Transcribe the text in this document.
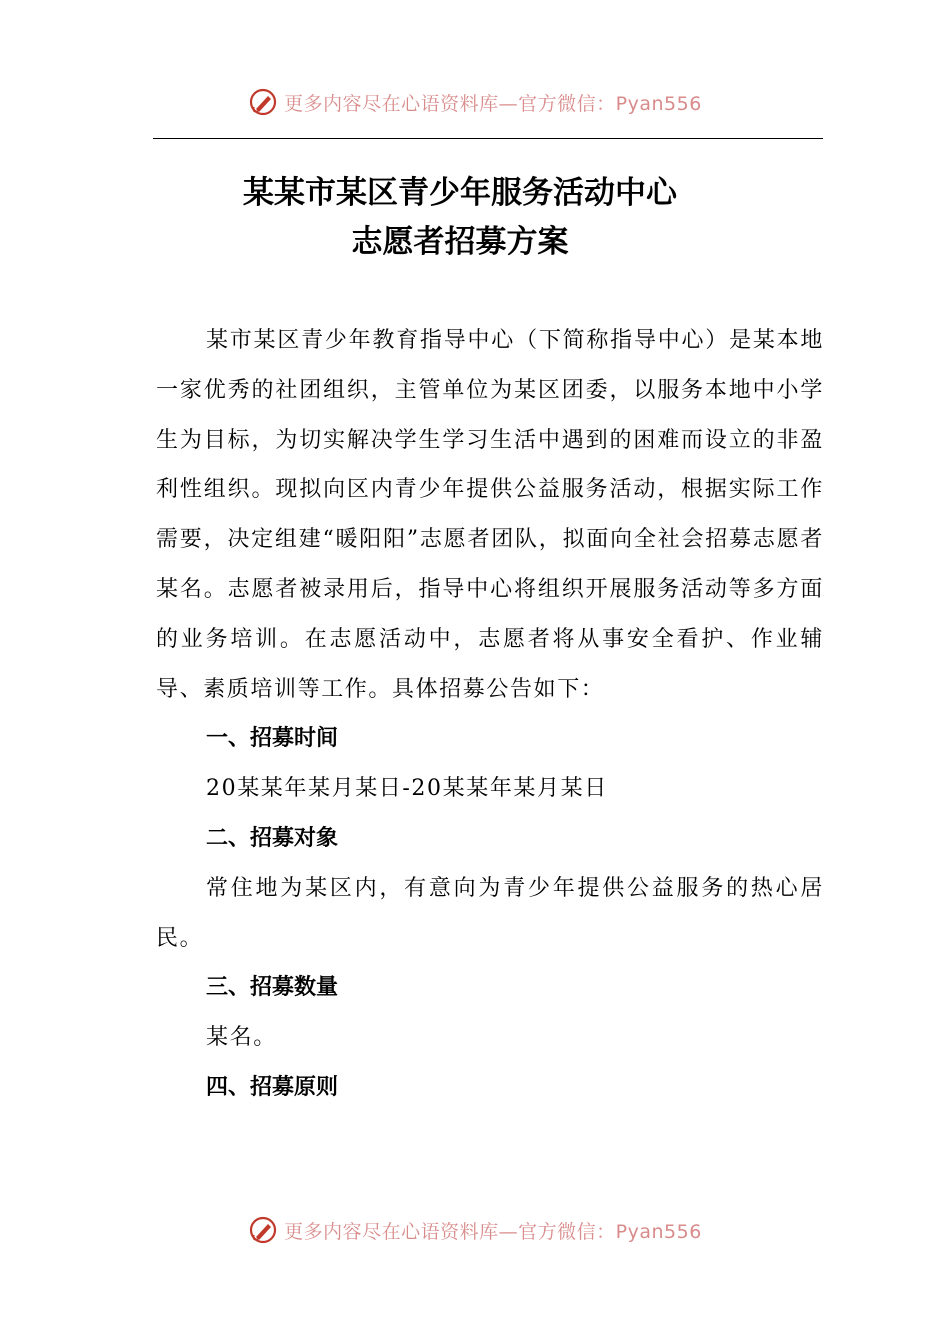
更多内容尽在心语资料库—官方微信：Pyan556
某某市某区青少年服务活动中心
志愿者招募方案

某市某区青少年教育指导中心（下简称指导中心）是某本地一家优秀的社团组织，主管单位为某区团委，以服务本地中小学生为目标，为切实解决学生学习生活中遇到的困难而设立的非盈利性组织。现拟向区内青少年提供公益服务活动，根据实际工作需要，决定组建“暖阳阳”志愿者团队，拟面向全社会招募志愿者某名。志愿者被录用后，指导中心将组织开展服务活动等多方面的业务培训。在志愿活动中，志愿者将从事安全看护、作业辅导、素质培训等工作。具体招募公告如下：

一、招募时间

20某某年某月某日-20某某年某月某日

二、招募对象

常住地为某区内，有意向为青少年提供公益服务的热心居民。

三、招募数量

某名。

四、招募原则

更多内容尽在心语资料库—官方微信：Pyan556
